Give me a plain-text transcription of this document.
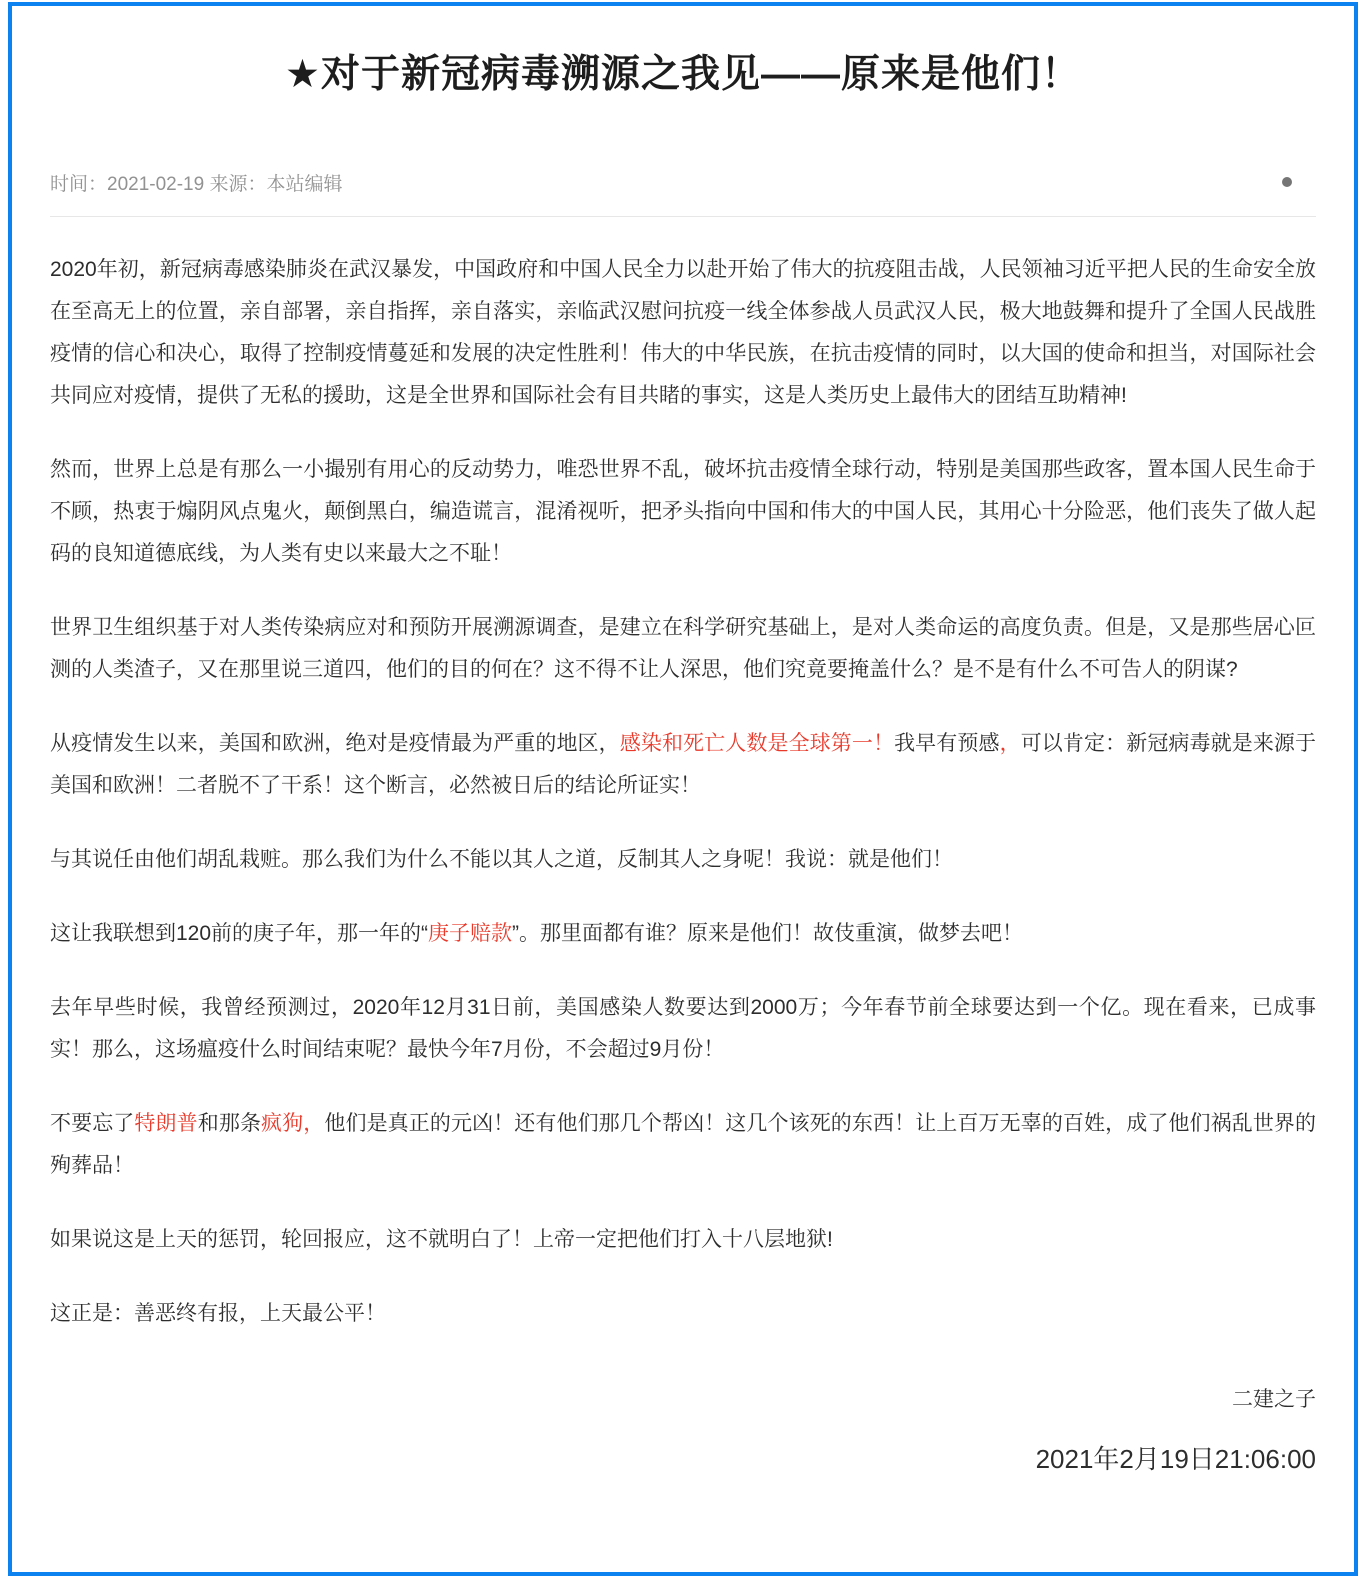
★对于新冠病毒溯源之我见——原来是他们！
时间：2021-02-19 来源：本站编辑

2020年初，新冠病毒感染肺炎在武汉暴发，中国政府和中国人民全力以赴开始了伟大的抗疫阻击战，人民领袖习近平把人民的生命安全放在至高无上的位置，亲自部署，亲自指挥，亲自落实，亲临武汉慰问抗疫一线全体参战人员武汉人民，极大地鼓舞和提升了全国人民战胜疫情的信心和决心，取得了控制疫情蔓延和发展的决定性胜利！伟大的中华民族，在抗击疫情的同时，以大国的使命和担当，对国际社会共同应对疫情，提供了无私的援助，这是全世界和国际社会有目共睹的事实，这是人类历史上最伟大的团结互助精神!

然而，世界上总是有那么一小撮别有用心的反动势力，唯恐世界不乱，破坏抗击疫情全球行动，特别是美国那些政客，置本国人民生命于不顾，热衷于煽阴风点鬼火，颠倒黑白，编造谎言，混淆视听，把矛头指向中国和伟大的中国人民，其用心十分险恶，他们丧失了做人起码的良知道德底线，为人类有史以来最大之不耻！

世界卫生组织基于对人类传染病应对和预防开展溯源调查，是建立在科学研究基础上，是对人类命运的高度负责。但是，又是那些居心叵测的人类渣子，又在那里说三道四，他们的目的何在？这不得不让人深思，他们究竟要掩盖什么？是不是有什么不可告人的阴谋?

从疫情发生以来，美国和欧洲，绝对是疫情最为严重的地区，感染和死亡人数是全球第一！我早有预感，可以肯定：新冠病毒就是来源于美国和欧洲！二者脱不了干系！这个断言，必然被日后的结论所证实！

与其说任由他们胡乱栽赃。那么我们为什么不能以其人之道，反制其人之身呢！我说：就是他们！

这让我联想到120前的庚子年，那一年的“庚子赔款”。那里面都有谁？原来是他们！故伎重演，做梦去吧！

去年早些时候，我曾经预测过，2020年12月31日前，美国感染人数要达到2000万；今年春节前全球要达到一个亿。现在看来，已成事实！那么，这场瘟疫什么时间结束呢？最快今年7月份，不会超过9月份！

不要忘了特朗普和那条疯狗，他们是真正的元凶！还有他们那几个帮凶！这几个该死的东西！让上百万无辜的百姓，成了他们祸乱世界的殉葬品！

如果说这是上天的惩罚，轮回报应，这不就明白了！上帝一定把他们打入十八层地狱!

这正是：善恶终有报，上天最公平！

二建之子
2021年2月19日21:06:00
